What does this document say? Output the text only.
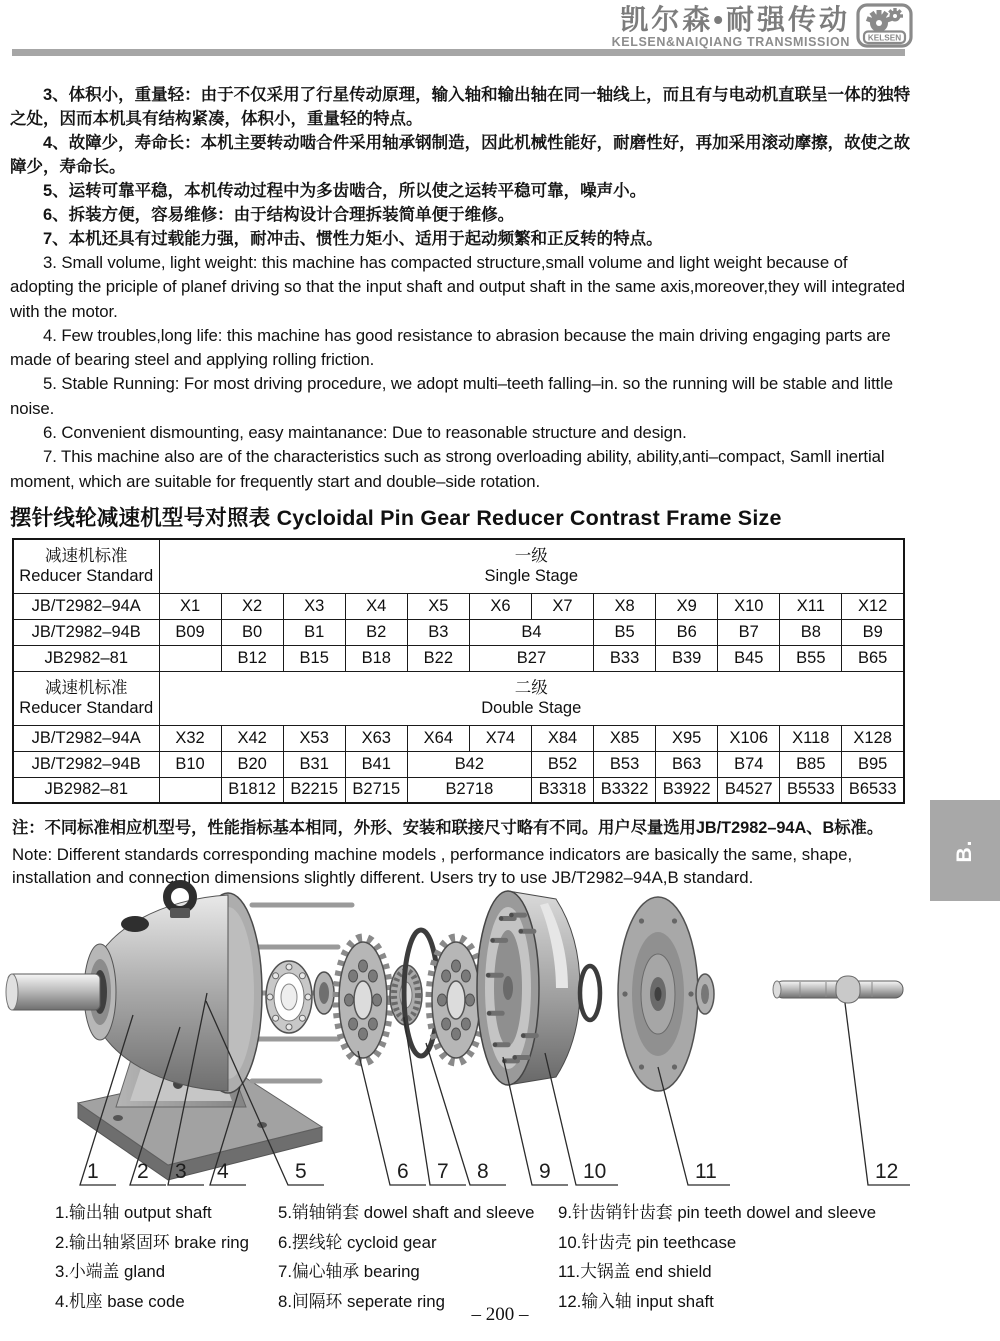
凯尔森•耐强传动
KELSEN&NAIQIANG TRANSMISSION KELSEN

3、体积小，重量轻：由于不仅采用了行星传动原理，输入轴和输出轴在同一轴线上，而且有与电动机直联呈一体的独特之处，因而本机具有结构紧凑，体积小，重量轻的特点。

4、故障少，寿命长：本机主要转动啮合件采用轴承钢制造，因此机械性能好，耐磨性好，再加采用滚动摩擦，故使之故障少，寿命长。

5、运转可靠平稳，本机传动过程中为多齿啮合，所以使之运转平稳可靠，噪声小。

6、拆装方便，容易维修：由于结构设计合理拆装简单便于维修。

7、本机还具有过载能力强，耐冲击、惯性力矩小、适用于起动频繁和正反转的特点。

3. Small volume, light weight: this machine has compacted structure,small volume and light weight because of adopting the priciple of planef driving so that the input shaft and output shaft in the same axis,moreover,they will integrated with the motor.

4. Few troubles,long life: this machine has good resistance to abrasion because the main driving engaging parts are made of bearing steel and applying rolling friction.

5. Stable Running: For most driving procedure, we adopt multi–teeth falling–in. so the running will be stable and little noise.

6. Convenient dismounting, easy maintanance: Due to reasonable structure and design.

7. This machine also are of the characteristics such as strong overloading ability, ability,anti–compact, Samll inertial moment, which are suitable for frequently start and double–side rotation.

摆针线轮减速机型号对照表 Cycloidal Pin Gear Reducer Contrast Frame Size
减速机标准
Reducer Standard

一级
Single Stage

JB/T2982–94A	X1	X2	X3	X4	X5	X6	X7	X8	X9	X10	X11	X12
JB/T2982–94B	B09	B0	B1	B2	B3	B4		B5	B6	B7	B8	B9
JB2982–81		B12	B15	B18	B22	B27		B33	B39	B45	B55	B65

减速机标准
Reducer Standard

二级
Double Stage

JB/T2982–94A	X32	X42	X53	X63	X64	X74	X84	X85	X95	X106	X118	X128
JB/T2982–94B	B10	B20	B31	B41	B42		B52	B53	B63	B74	B85	B95
JB2982–81		B1812	B2215	B2715	B2718		B3318	B3322	B3922	B4527	B5533	B6533

注：不同标准相应机型号，性能指标基本相同，外形、安装和联接尺寸略有不同。用户尽量选用JB/T2982–94A、B标准。

Note: Different standards corresponding machine models , performance indicators are basically the same, shape, installation and connection dimensions slightly different. Users try to use JB/T2982–94A,B standard.

B.
1 2 3 4	5	6 7 8 9 10	11	12

1.输出轴 output shaft

2.输出轴紧固环 brake ring

3.小端盖 gland

4.机座 base code

5.销轴销套 dowel shaft and sleeve

6.摆线轮 cycloid gear

7.偏心轴承 bearing

8.间隔环 seperate ring

9.针齿销针齿套 pin teeth dowel and sleeve

10.针齿壳 pin teethcase

11.大锅盖 end shield

12.输入轴 input shaft

– 200 –
